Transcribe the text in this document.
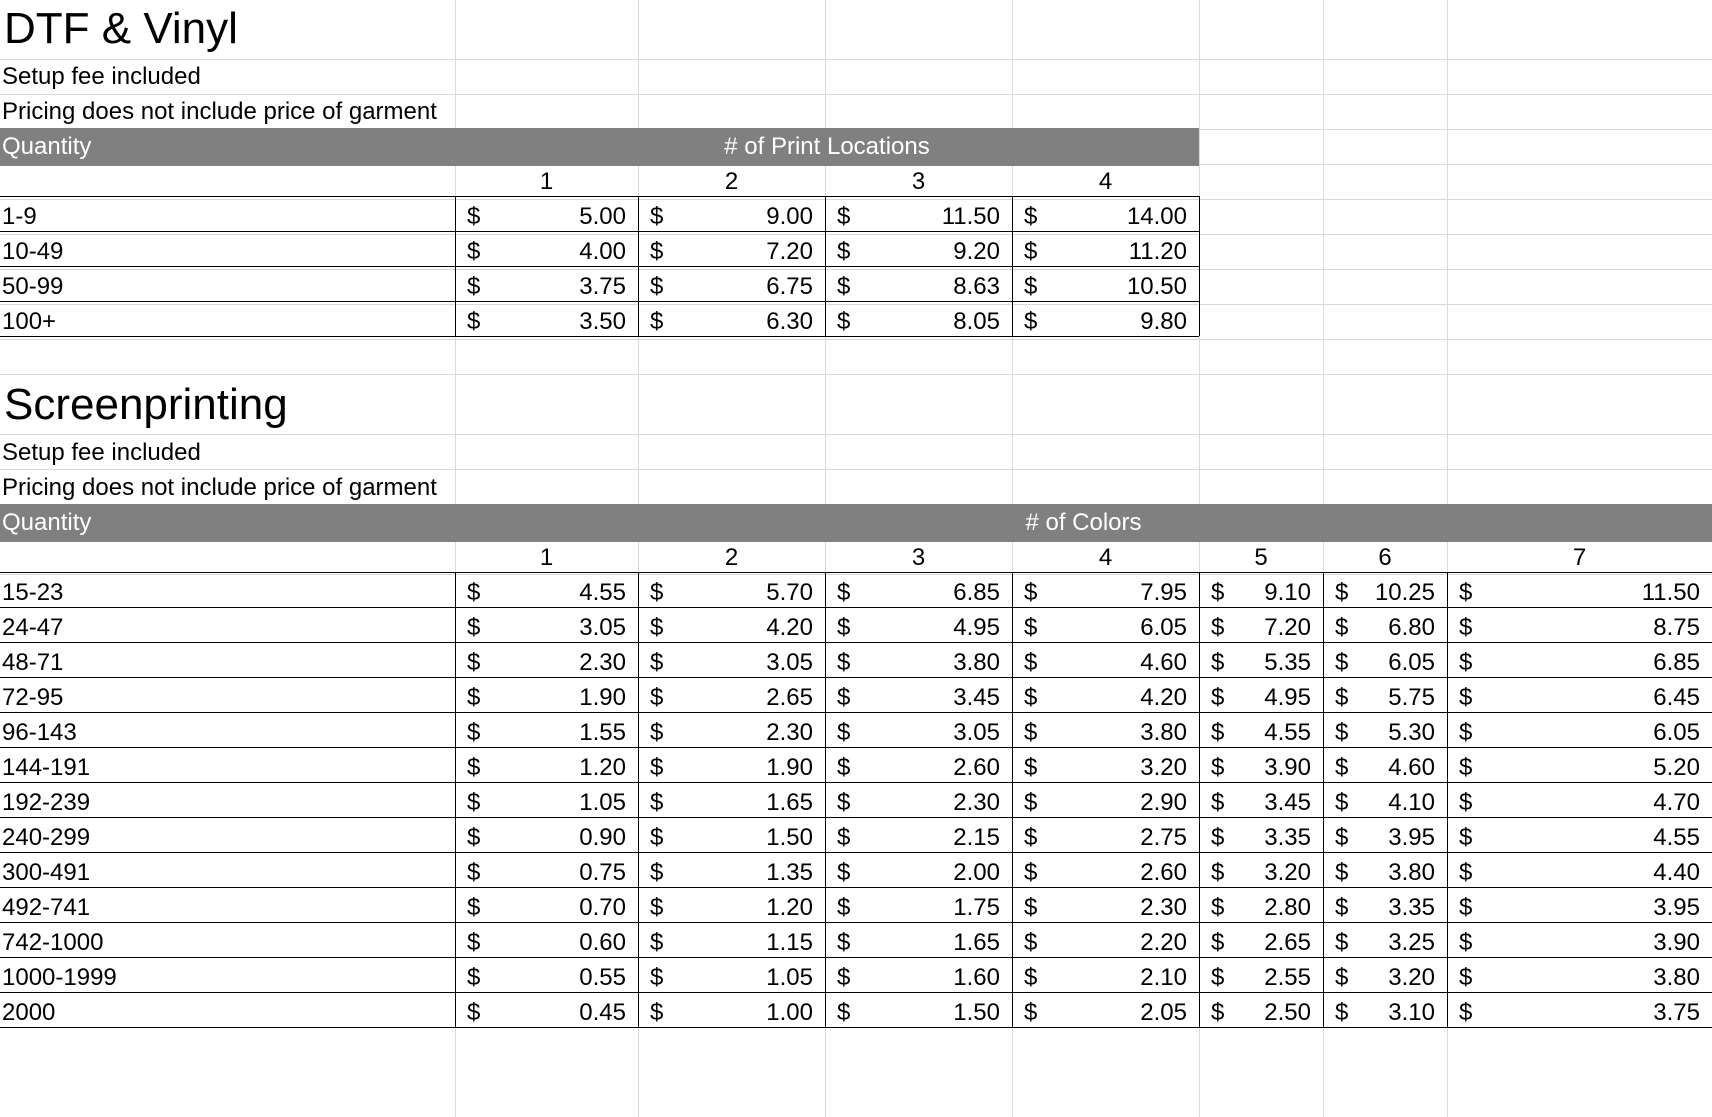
DTF & Vinyl
Setup fee included
Pricing does not include price of garment
Quantity	# of Print Locations
1	2	3	4
1-9	$	5.00	$	9.00	$	11.50	$	14.00
10-49	$	4.00	$	7.20	$	9.20	$	11.20
50-99	$	3.75	$	6.75	$	8.63	$	10.50
100+	$	3.50	$	6.30	$	8.05	$	9.80
Screenprinting
Setup fee included
Pricing does not include price of garment
Quantity	# of Colors
1	2	3	4	5	6	7
15-23	$	4.55	$	5.70	$	6.85	$	7.95	$	9.10	$	10.25	$	11.50
24-47	$	3.05	$	4.20	$	4.95	$	6.05	$	7.20	$	6.80	$	8.75
48-71	$	2.30	$	3.05	$	3.80	$	4.60	$	5.35	$	6.05	$	6.85
72-95	$	1.90	$	2.65	$	3.45	$	4.20	$	4.95	$	5.75	$	6.45
96-143	$	1.55	$	2.30	$	3.05	$	3.80	$	4.55	$	5.30	$	6.05
144-191	$	1.20	$	1.90	$	2.60	$	3.20	$	3.90	$	4.60	$	5.20
192-239	$	1.05	$	1.65	$	2.30	$	2.90	$	3.45	$	4.10	$	4.70
240-299	$	0.90	$	1.50	$	2.15	$	2.75	$	3.35	$	3.95	$	4.55
300-491	$	0.75	$	1.35	$	2.00	$	2.60	$	3.20	$	3.80	$	4.40
492-741	$	0.70	$	1.20	$	1.75	$	2.30	$	2.80	$	3.35	$	3.95
742-1000	$	0.60	$	1.15	$	1.65	$	2.20	$	2.65	$	3.25	$	3.90
1000-1999	$	0.55	$	1.05	$	1.60	$	2.10	$	2.55	$	3.20	$	3.80
2000	$	0.45	$	1.00	$	1.50	$	2.05	$	2.50	$	3.10	$	3.75
